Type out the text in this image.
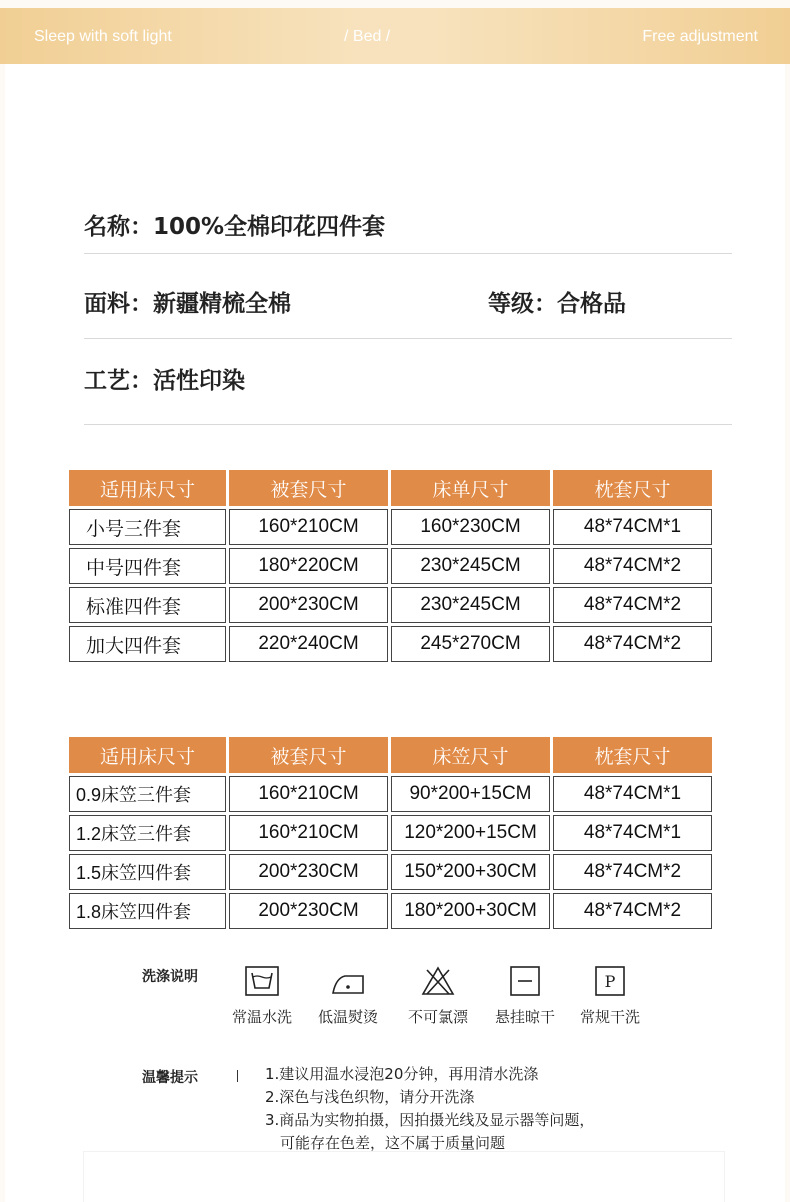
Sleep with soft light	/ Bed /	Free adjustment
名称：100%全棉印花四件套
面料：新疆精梳全棉	等级：合格品
工艺：活性印染
适用床尺寸	被套尺寸	床单尺寸	枕套尺寸
小号三件套	160*210CM	160*230CM	48*74CM*1
中号四件套	180*220CM	230*245CM	48*74CM*2
标准四件套	200*230CM	230*245CM	48*74CM*2
加大四件套	220*240CM	245*270CM	48*74CM*2
床笠尺寸
适用床尺寸	被套尺寸	床笠尺寸	枕套尺寸
0.9床笠三件套	160*210CM	90*200+15CM	48*74CM*1
1.2床笠三件套	160*210CM	120*200+15CM	48*74CM*1
1.5床笠四件套	200*230CM	150*200+30CM	48*74CM*2
1.8床笠四件套	200*230CM	180*200+30CM	48*74CM*2
洗涤说明
常温水洗	低温熨烫	不可氯漂	悬挂晾干
P
常规干洗
温馨提示	1.建议用温水浸泡20分钟，再用清水洗涤
2.深色与浅色织物，请分开洗涤
3.商品为实物拍摄，因拍摄光线及显示器等问题，
可能存在色差，这不属于质量问题
